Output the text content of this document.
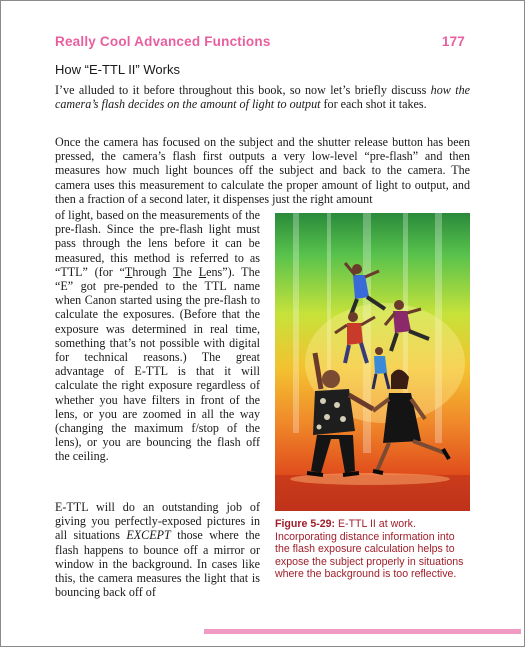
Really Cool Advanced Functions	177
How “E-TTL II” Works

I’ve alluded to it before throughout this book, so now let’s briefly discuss how the camera’s flash decides on the amount of light to output for each shot it takes.

Once the camera has focused on the subject and the shutter release button has been pressed, the camera’s flash first outputs a very low-level “pre-flash” and then measures how much light bounces off the subject and back to the camera. The camera uses this measurement to calculate the proper amount of light to output, and then a fraction of a second later, it dispenses just the right amount

of light, based on the measurements of the pre-flash. Since the pre-flash light must pass through the lens before it can be measured, this method is referred to as “TTL” (for “Through The Lens”). The “E” got pre-pended to the TTL name when Canon started using the pre-flash to calculate the exposures. (Before that the exposure was determined in real time, something that’s not possible with digital for technical reasons.) The great advantage of E-TTL is that it will calculate the right exposure regardless of whether you have filters in front of the lens, or you are zoomed in all the way (changing the maximum f/stop of the lens), or you are bouncing the flash off the ceiling.

E-TTL will do an outstanding job of giving you perfectly-exposed pictures in all situations EXCEPT those where the flash happens to bounce off a mirror or window in the background. In cases like this, the camera measures the light that is bouncing back off of

Figure 5-29: E-TTL II at work. Incorporating distance information into the flash exposure calculation helps to expose the subject properly in situations where the background is too reflective.
